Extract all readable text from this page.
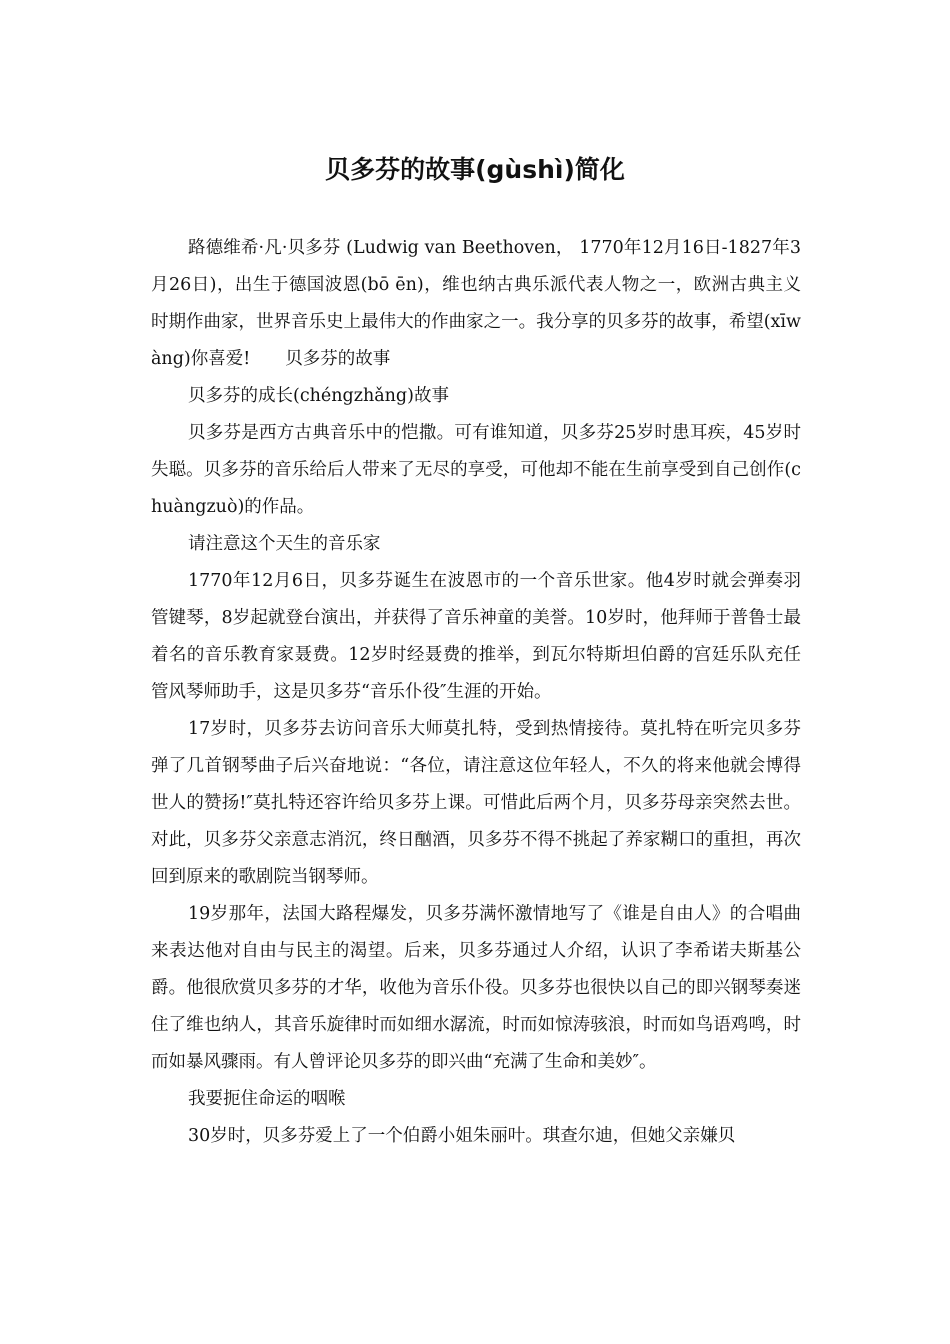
贝多芬的故事(gùshì)简化

路德维希·凡·贝多芬 (Ludwig van Beethoven， 1770年12月16日-1827年3月26日)，出生于德国波恩(bō ēn)，维也纳古典乐派代表人物之一，欧洲古典主义时期作曲家，世界音乐史上最伟大的作曲家之一。我分享的贝多芬的故事，希望(xīwàng)你喜爱!　　贝多芬的故事

贝多芬的成长(chéngzhǎng)故事

贝多芬是西方古典音乐中的恺撒。可有谁知道，贝多芬25岁时患耳疾，45岁时失聪。贝多芬的音乐给后人带来了无尽的享受，可他却不能在生前享受到自己创作(chuàngzuò)的作品。

请注意这个天生的音乐家

1770年12月6日，贝多芬诞生在波恩市的一个音乐世家。他4岁时就会弹奏羽管键琴，8岁起就登台演出，并获得了音乐神童的美誉。10岁时，他拜师于普鲁士最着名的音乐教育家聂费。12岁时经聂费的推举，到瓦尔特斯坦伯爵的宫廷乐队充任管风琴师助手，这是贝多芬“音乐仆役″生涯的开始。

17岁时，贝多芬去访问音乐大师莫扎特，受到热情接待。莫扎特在听完贝多芬弹了几首钢琴曲子后兴奋地说：“各位，请注意这位年轻人，不久的将来他就会博得世人的赞扬!″莫扎特还容许给贝多芬上课。可惜此后两个月，贝多芬母亲突然去世。对此，贝多芬父亲意志消沉，终日酗酒，贝多芬不得不挑起了养家糊口的重担，再次回到原来的歌剧院当钢琴师。

19岁那年，法国大路程爆发，贝多芬满怀激情地写了《谁是自由人》的合唱曲来表达他对自由与民主的渴望。后来，贝多芬通过人介绍，认识了李希诺夫斯基公爵。他很欣赏贝多芬的才华，收他为音乐仆役。贝多芬也很快以自己的即兴钢琴奏迷住了维也纳人，其音乐旋律时而如细水潺流，时而如惊涛骇浪，时而如鸟语鸡鸣，时而如暴风骤雨。有人曾评论贝多芬的即兴曲“充满了生命和美妙″。

我要扼住命运的咽喉

30岁时，贝多芬爱上了一个伯爵小姐朱丽叶。琪查尔迪，但她父亲嫌贝
